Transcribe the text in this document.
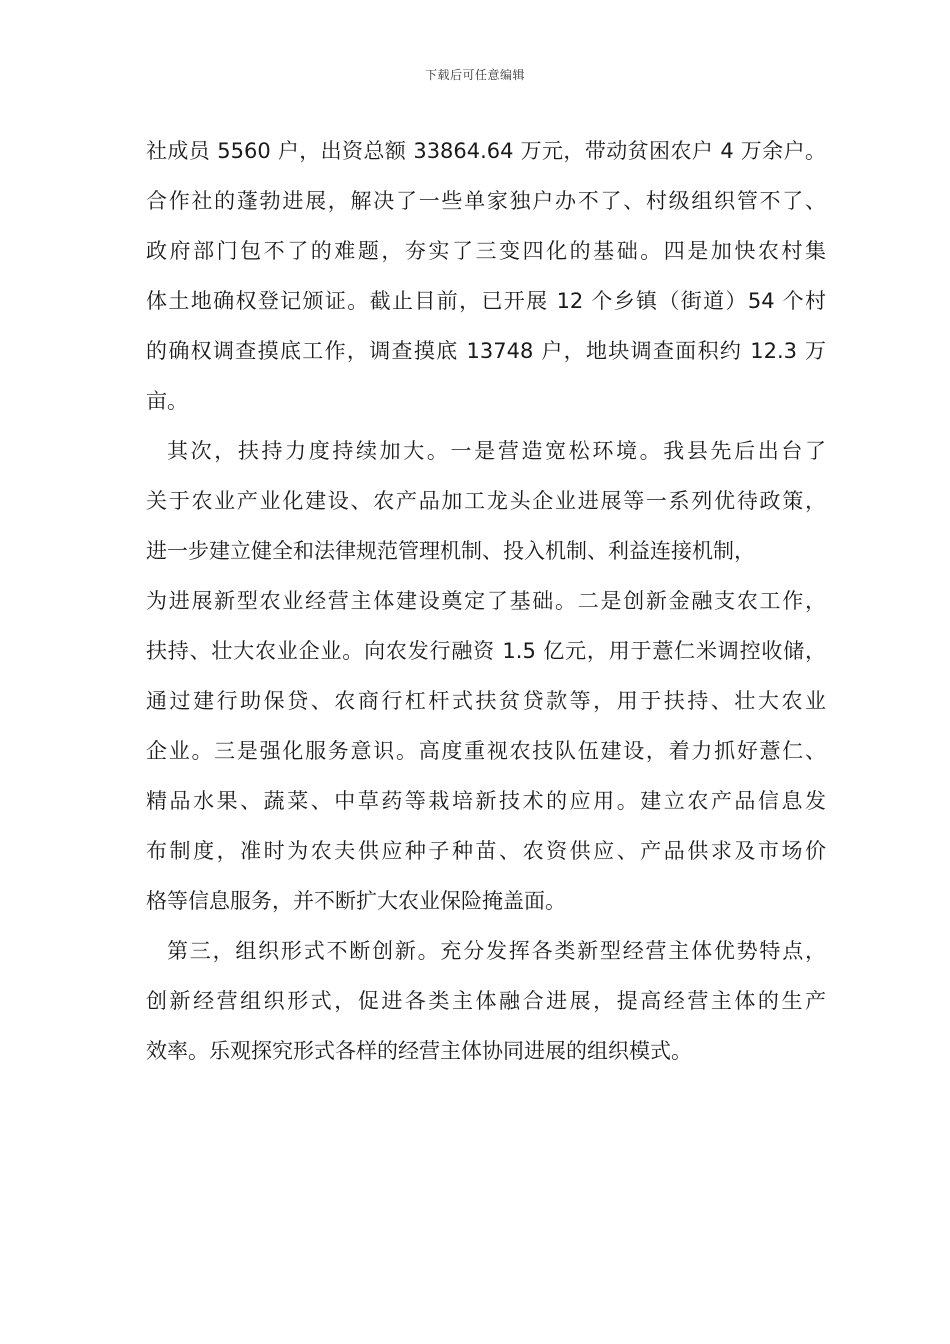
下载后可任意编辑
社成员 5560 户，出资总额 33864.64 万元，带动贫困农户 4 万余户。
合作社的蓬勃进展，解决了一些单家独户办不了、村级组织管不了、
政府部门包不了的难题，夯实了三变四化的基础。四是加快农村集
体土地确权登记颁证。截止目前，已开展 12 个乡镇（街道）54 个村
的确权调查摸底工作，调查摸底 13748 户，地块调查面积约 12.3 万
亩。
其次，扶持力度持续加大。一是营造宽松环境。我县先后出台了
关于农业产业化建设、农产品加工龙头企业进展等一系列优待政策，
进一步建立健全和法律规范管理机制、投入机制、利益连接机制，
为进展新型农业经营主体建设奠定了基础。二是创新金融支农工作，
扶持、壮大农业企业。向农发行融资 1.5 亿元，用于薏仁米调控收储，
通过建行助保贷、农商行杠杆式扶贫贷款等，用于扶持、壮大农业
企业。三是强化服务意识。高度重视农技队伍建设，着力抓好薏仁、
精品水果、蔬菜、中草药等栽培新技术的应用。建立农产品信息发
布制度，准时为农夫供应种子种苗、农资供应、产品供求及市场价
格等信息服务，并不断扩大农业保险掩盖面。
第三，组织形式不断创新。充分发挥各类新型经营主体优势特点，
创新经营组织形式，促进各类主体融合进展，提高经营主体的生产
效率。乐观探究形式各样的经营主体协同进展的组织模式。
